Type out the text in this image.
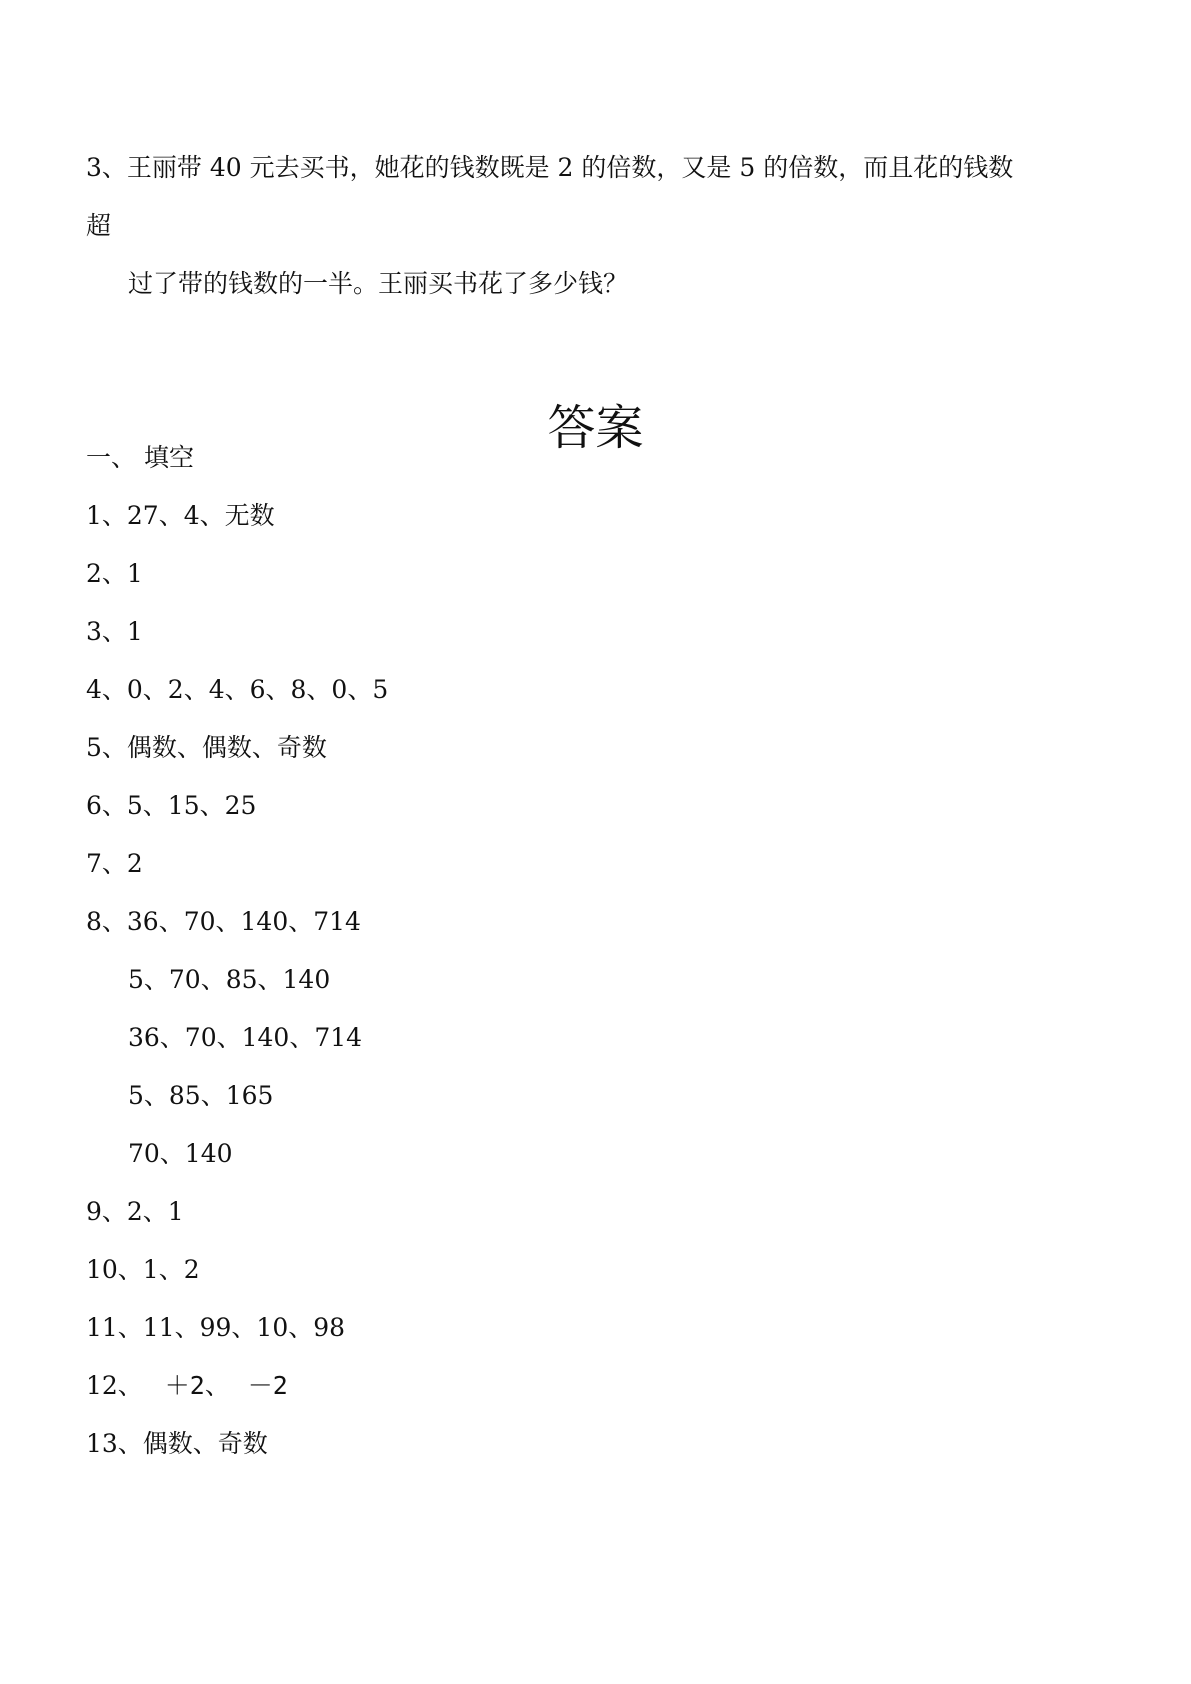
3、王丽带 40 元去买书，她花的钱数既是 2 的倍数，又是 5 的倍数，而且花的钱数
超
过了带的钱数的一半。王丽买书花了多少钱？
答案
一、 填空
1、27、4、无数
2、1
3、1
4、0、2、4、6、8、0、5
5、偶数、偶数、奇数
6、5、15、25
7、2
8、36、70、140、714
5、70、85、140
36、70、140、714
5、85、165
70、140
9、2、1
10、1、2
11、11、99、10、98
12、 ＋2、 －2
13、偶数、奇数
